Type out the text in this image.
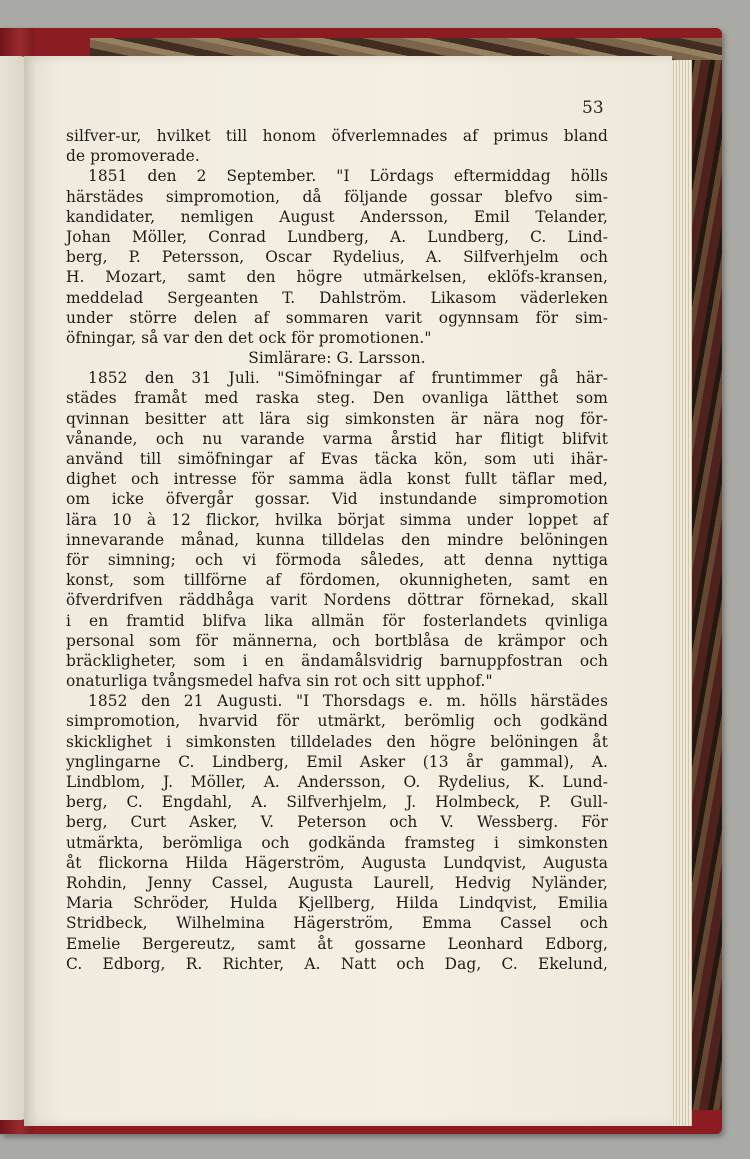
53
silfver-ur, hvilket till honom öfverlemnades af primus bland
de promoverade.
1851 den 2 September. "I Lördags eftermiddag hölls
härstädes simpromotion, då följande gossar blefvo sim-
kandidater, nemligen August Andersson, Emil Telander,
Johan Möller, Conrad Lundberg, A. Lundberg, C. Lind-
berg, P. Petersson, Oscar Rydelius, A. Silfverhjelm och
H. Mozart, samt den högre utmärkelsen, eklöfs-kransen,
meddelad Sergeanten T. Dahlström. Likasom väderleken
under större delen af sommaren varit ogynnsam för sim-
öfningar, så var den det ock för promotionen."
Simlärare: G. Larsson.
1852 den 31 Juli. "Simöfningar af fruntimmer gå här-
städes framåt med raska steg. Den ovanliga lätthet som
qvinnan besitter att lära sig simkonsten är nära nog för-
vånande, och nu varande varma årstid har flitigt blifvit
använd till simöfningar af Evas täcka kön, som uti ihär-
dighet och intresse för samma ädla konst fullt täflar med,
om icke öfvergår gossar. Vid instundande simpromotion
lära 10 à 12 flickor, hvilka börjat simma under loppet af
innevarande månad, kunna tilldelas den mindre belöningen
för simning; och vi förmoda således, att denna nyttiga
konst, som tillförne af fördomen, okunnigheten, samt en
öfverdrifven räddhåga varit Nordens döttrar förnekad, skall
i en framtid blifva lika allmän för fosterlandets qvinliga
personal som för männerna, och bortblåsa de krämpor och
bräckligheter, som i en ändamålsvidrig barnuppfostran och
onaturliga tvångsmedel hafva sin rot och sitt upphof."
1852 den 21 Augusti. "I Thorsdags e. m. hölls härstädes
simpromotion, hvarvid för utmärkt, berömlig och godkänd
skicklighet i simkonsten tilldelades den högre belöningen åt
ynglingarne C. Lindberg, Emil Asker (13 år gammal), A.
Lindblom, J. Möller, A. Andersson, O. Rydelius, K. Lund-
berg, C. Engdahl, A. Silfverhjelm, J. Holmbeck, P. Gull-
berg, Curt Asker, V. Peterson och V. Wessberg. För
utmärkta, berömliga och godkända framsteg i simkonsten
åt flickorna Hilda Hägerström, Augusta Lundqvist, Augusta
Rohdin, Jenny Cassel, Augusta Laurell, Hedvig Nyländer,
Maria Schröder, Hulda Kjellberg, Hilda Lindqvist, Emilia
Stridbeck, Wilhelmina Hägerström, Emma Cassel och
Emelie Bergereutz, samt åt gossarne Leonhard Edborg,
C. Edborg, R. Richter, A. Natt och Dag, C. Ekelund,
